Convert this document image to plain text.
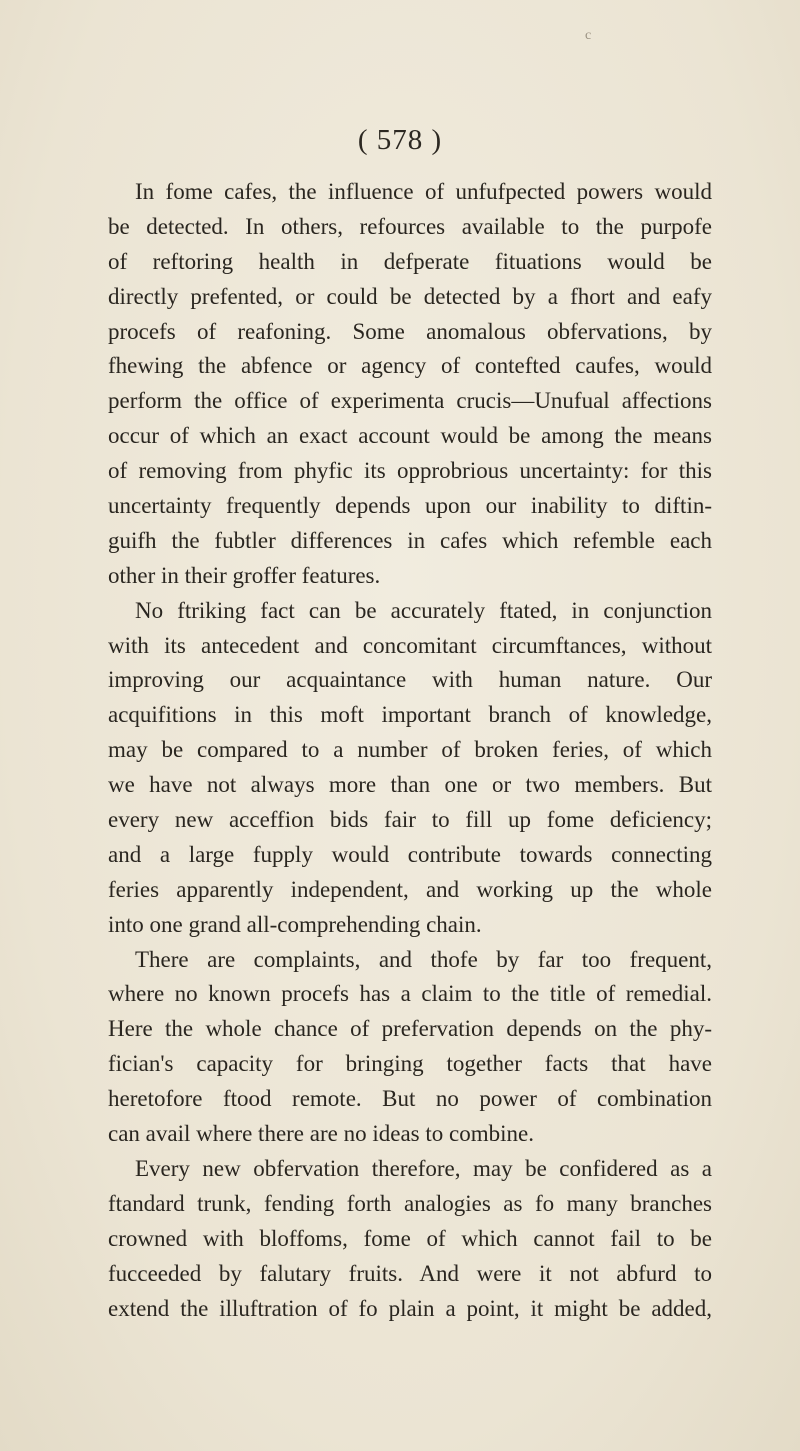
c
( 578 )
In fome cafes, the influence of unfufpected powers would
be detected. In others, refources available to the purpofe
of reftoring health in defperate fituations would be
directly prefented, or could be detected by a fhort and eafy
procefs of reafoning. Some anomalous obfervations, by
fhewing the abfence or agency of contefted caufes, would
perform the office of experimenta crucis—Unufual affections
occur of which an exact account would be among the means
of removing from phyfic its opprobrious uncertainty: for this
uncertainty frequently depends upon our inability to diftin-
guifh the fubtler differences in cafes which refemble each
other in their groffer features.
No ftriking fact can be accurately ftated, in conjunction
with its antecedent and concomitant circumftances, without
improving our acquaintance with human nature. Our
acquifitions in this moft important branch of knowledge,
may be compared to a number of broken feries, of which
we have not always more than one or two members. But
every new acceffion bids fair to fill up fome deficiency;
and a large fupply would contribute towards connecting
feries apparently independent, and working up the whole
into one grand all-comprehending chain.
There are complaints, and thofe by far too frequent,
where no known procefs has a claim to the title of remedial.
Here the whole chance of prefervation depends on the phy-
fician's capacity for bringing together facts that have
heretofore ftood remote. But no power of combination
can avail where there are no ideas to combine.
Every new obfervation therefore, may be confidered as a
ftandard trunk, fending forth analogies as fo many branches
crowned with bloffoms, fome of which cannot fail to be
fucceeded by falutary fruits. And were it not abfurd to
extend the illuftration of fo plain a point, it might be added,
